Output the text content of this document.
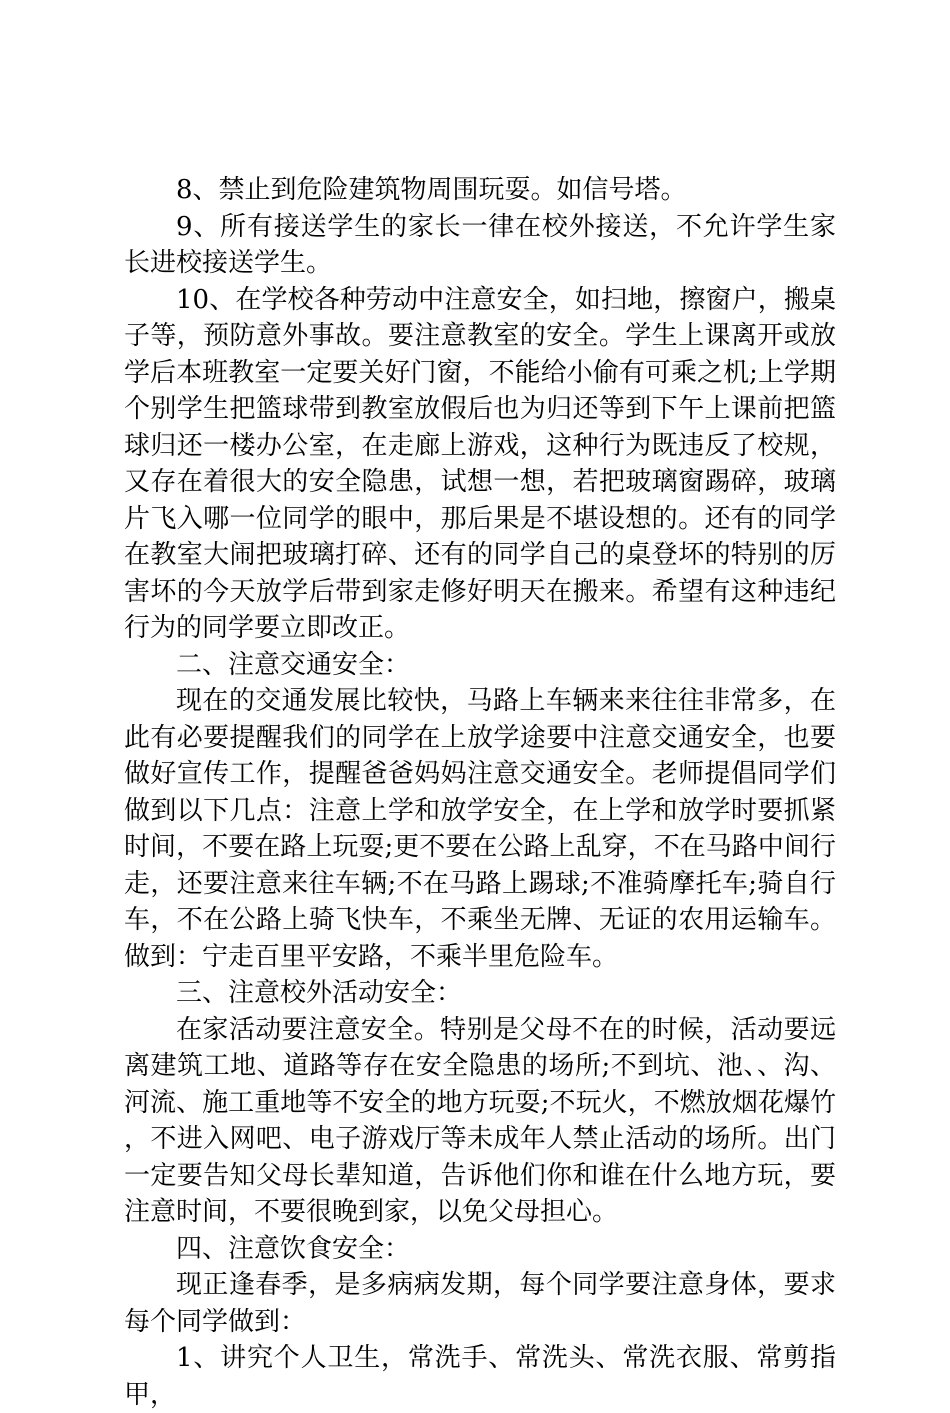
8、禁止到危险建筑物周围玩耍。如信号塔。

9、所有接送学生的家长一律在校外接送，不允许学生家长进校接送学生。

10、在学校各种劳动中注意安全，如扫地，擦窗户，搬桌子等，预防意外事故。要注意教室的安全。学生上课离开或放学后本班教室一定要关好门窗，不能给小偷有可乘之机;上学期个别学生把篮球带到教室放假后也为归还等到下午上课前把篮球归还一楼办公室，在走廊上游戏，这种行为既违反了校规，又存在着很大的安全隐患，试想一想，若把玻璃窗踢碎，玻璃片飞入哪一位同学的眼中，那后果是不堪设想的。还有的同学在教室大闹把玻璃打碎、还有的同学自己的桌登坏的特别的厉害坏的今天放学后带到家走修好明天在搬来。希望有这种违纪行为的同学要立即改正。

二、注意交通安全：

现在的交通发展比较快，马路上车辆来来往往非常多，在此有必要提醒我们的同学在上放学途要中注意交通安全，也要做好宣传工作，提醒爸爸妈妈注意交通安全。老师提倡同学们做到以下几点：注意上学和放学安全，在上学和放学时要抓紧时间，不要在路上玩耍;更不要在公路上乱穿，不在马路中间行走，还要注意来往车辆;不在马路上踢球;不准骑摩托车;骑自行车，不在公路上骑飞快车，不乘坐无牌、无证的农用运输车。做到：宁走百里平安路，不乘半里危险车。

三、注意校外活动安全：

在家活动要注意安全。特别是父母不在的时候，活动要远离建筑工地、道路等存在安全隐患的场所;不到坑、池、、沟、河流、施工重地等不安全的地方玩耍;不玩火，不燃放烟花爆竹，不进入网吧、电子游戏厅等未成年人禁止活动的场所。出门一定要告知父母长辈知道，告诉他们你和谁在什么地方玩，要注意时间，不要很晚到家，以免父母担心。

四、注意饮食安全：

现正逢春季，是多病病发期，每个同学要注意身体，要求每个同学做到：

1、讲究个人卫生，常洗手、常洗头、常洗衣服、常剪指甲，
